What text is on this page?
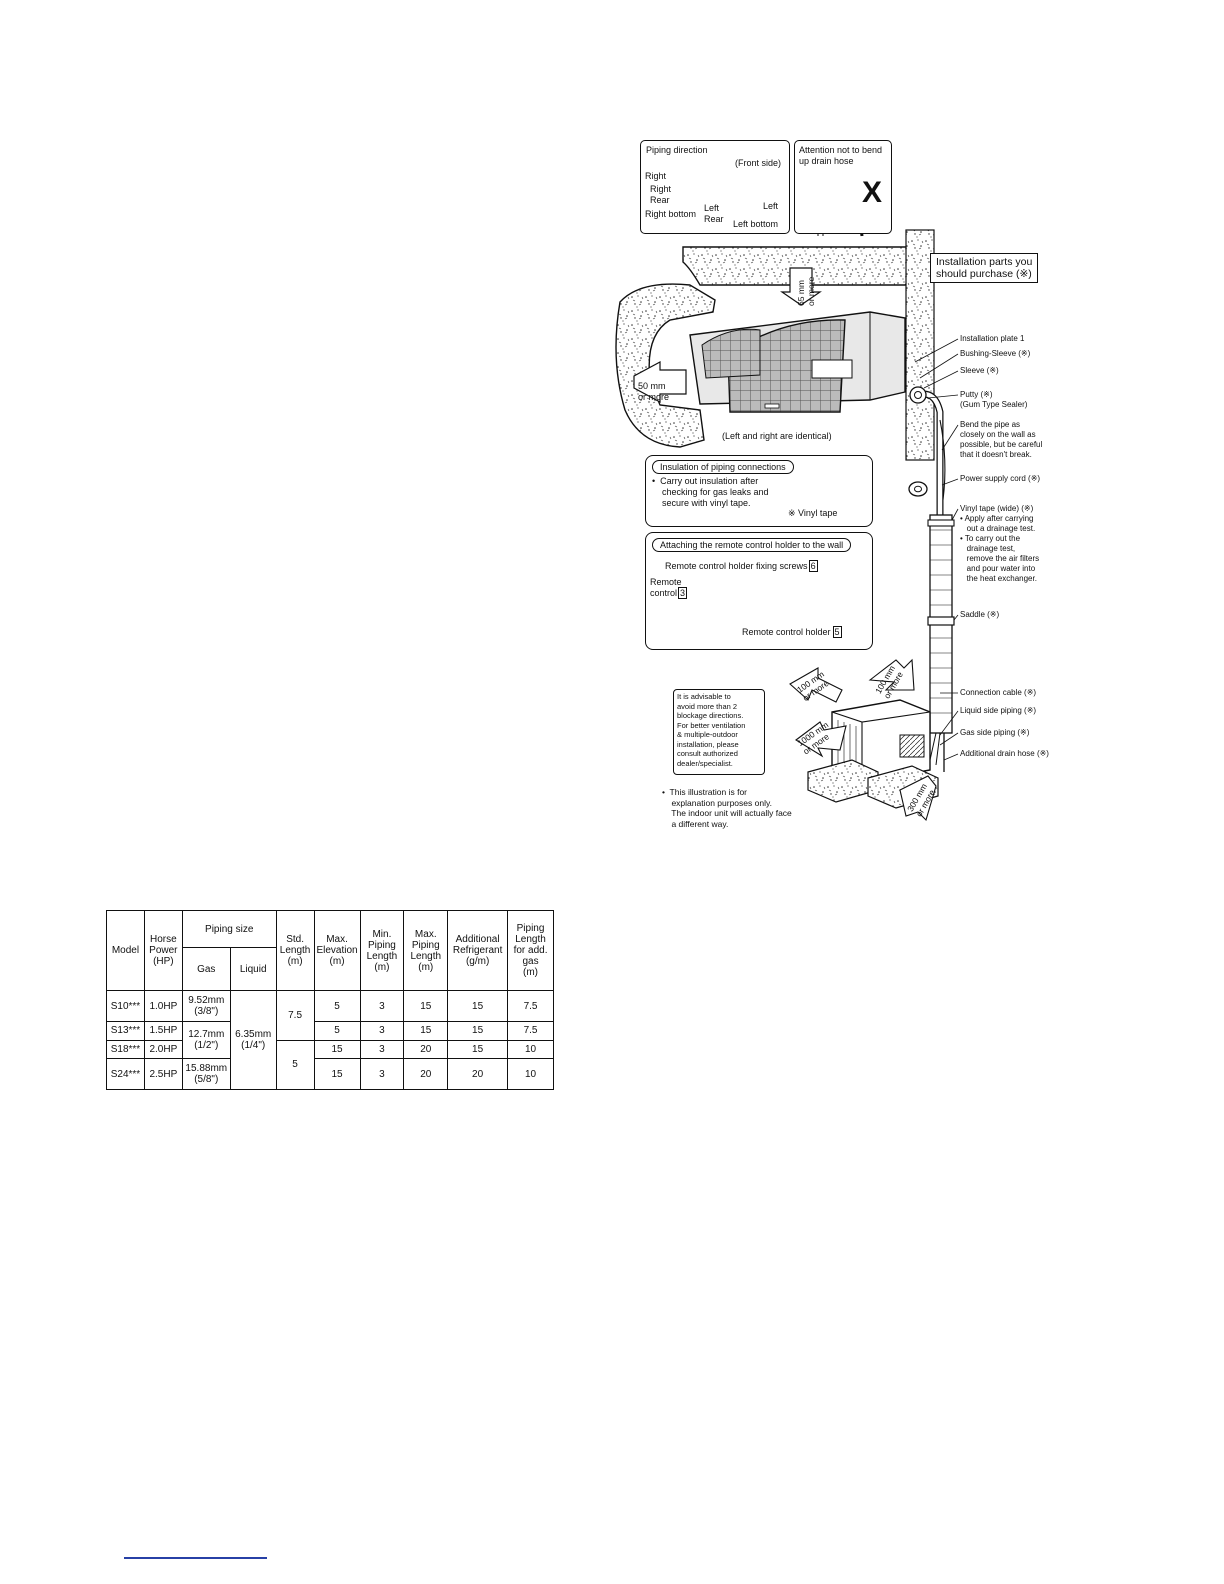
Piping direction
(Front side)
Right
Right
Rear
Right bottom
Left
Rear
Left
Left bottom
Attention not to bend
up drain hose
X
65 mm
or more
50 mm
or more
(Left and right are identical)
Installation parts you
should purchase (※)
Installation plate 1
Bushing-Sleeve (※)
Sleeve (※)
Putty (※)
(Gum Type Sealer)
Bend the pipe as
closely on the wall as
possible, but be careful
that it doesn't break.
Power supply cord (※)
Vinyl tape (wide) (※)
• Apply after carrying
out a drainage test.
• To carry out the
drainage test,
remove the air filters
and pour water into
the heat exchanger.
Saddle (※)
Connection cable (※)
Liquid side piping (※)
Gas side piping (※)
Additional drain hose (※)
Insulation of piping connections
•  Carry out insulation after
checking for gas leaks and
secure with vinyl tape.
※ Vinyl tape
Attaching the remote control holder to the wall
Remote control holder fixing screws 6
Remote
control 3
Remote control holder 5
100 mm
or more	100 mm
or more
1000 mm
or more
300 mm
or more
It is advisable to
avoid more than 2
blockage directions.
For better ventilation
& multiple-outdoor
installation, please
consult authorized
dealer/specialist.
•  This illustration is for
explanation purposes only.
The indoor unit will actually face
a different way.
Model	Horse
Power
(HP)	Piping size		Std.
Length
(m)	Max.
Elevation
(m)	Min.
Piping
Length
(m)	Max.
Piping
Length
(m)	Additional
Refrigerant
(g/m)	Piping
Length
for add.
gas
(m)
		Gas	Liquid						
S10***	1.0HP	9.52mm
(3/8")	6.35mm
(1/4")	7.5	5	3	15	15	7.5
S13***	1.5HP	12.7mm
(1/2")			5	3	15	15	7.5
S18***	2.0HP			5	15	3	20	15	10
S24***	2.5HP	15.88mm
(5/8")			15	3	20	20	10
